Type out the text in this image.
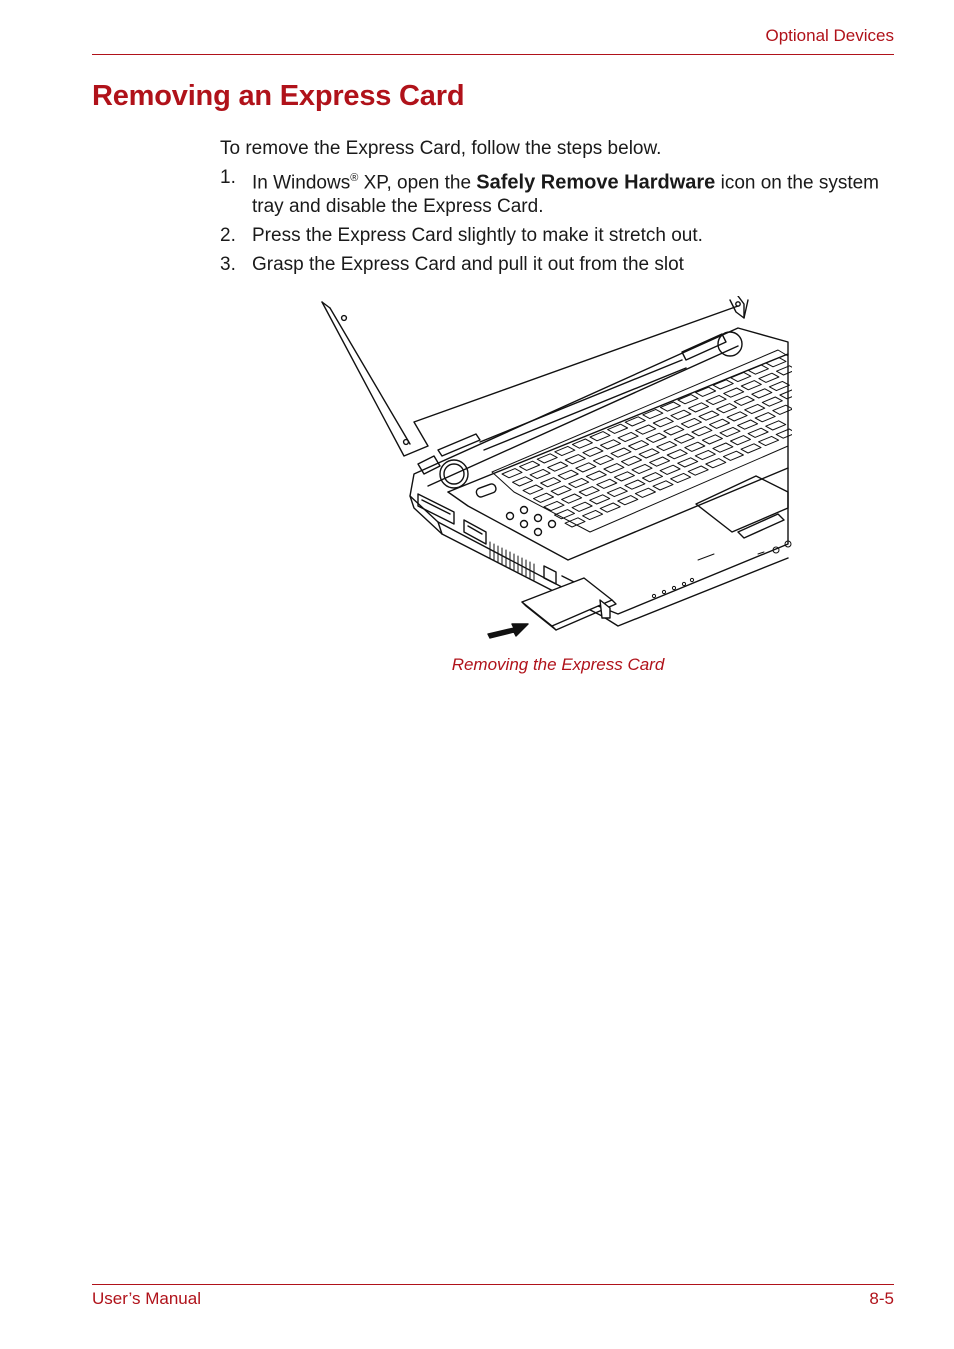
Optional Devices
Removing an Express Card

To remove the Express Card, follow the steps below.

1. In Windows® XP, open the Safely Remove Hardware icon on the system tray and disable the Express Card.
2. Press the Express Card slightly to make it stretch out.
3. Grasp the Express Card and pull it out from the slot
Removing the Express Card
User’s Manual	8-5
